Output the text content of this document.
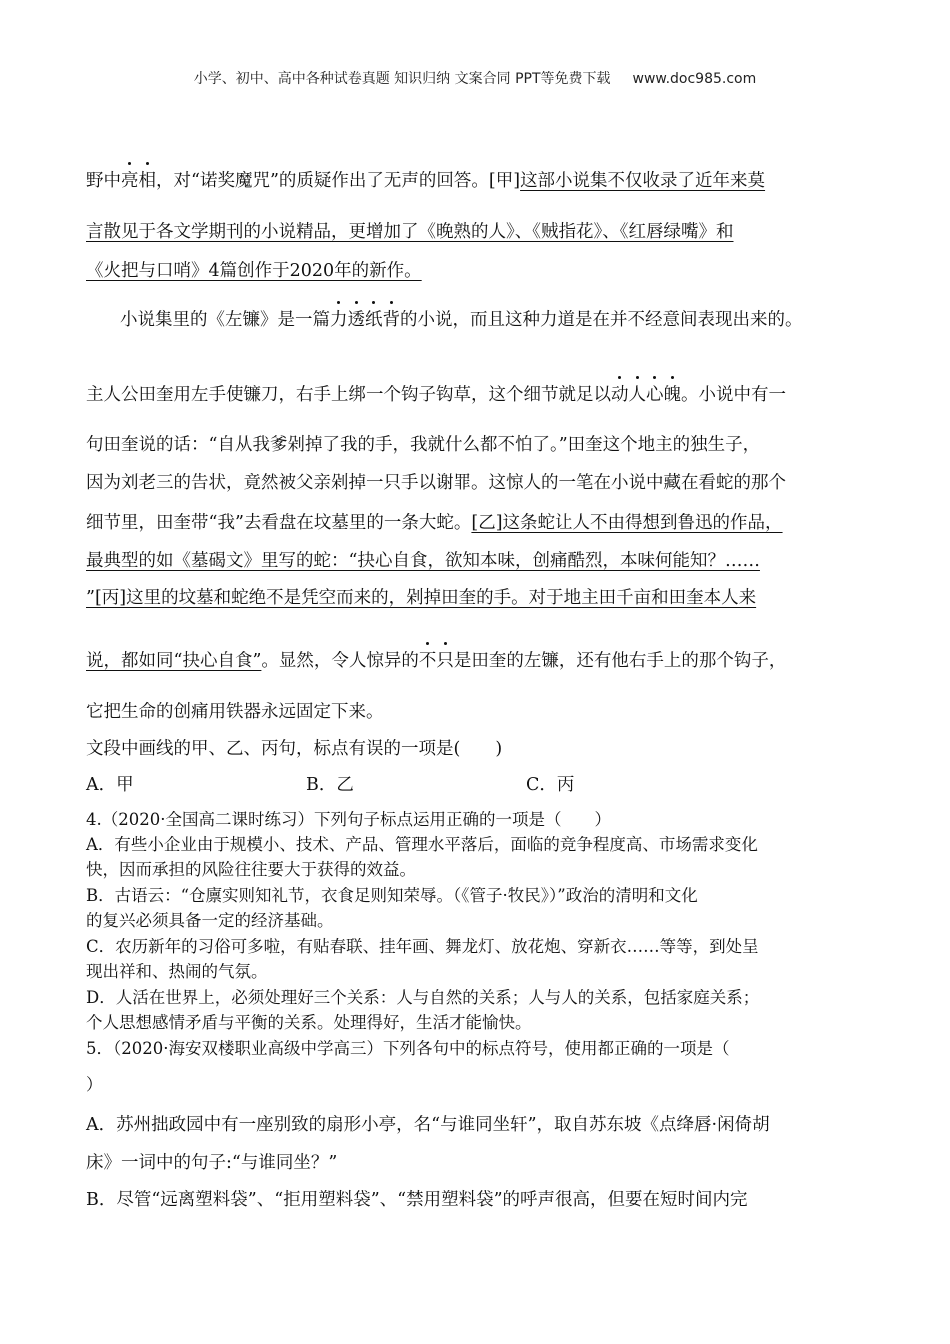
小学、初中、高中各种试卷真题 知识归纳 文案合同 PPT等免费下载 www.doc985.com
野中亮相，对“诺奖魔咒”的质疑作出了无声的回答。[甲]这部小说集不仅收录了近年来莫
言散见于各文学期刊的小说精品，更增加了《晚熟的人》、《贼指花》、《红唇绿嘴》和
《火把与口哨》4篇创作于2020年的新作。
小说集里的《左镰》是一篇力透纸背的小说，而且这种力道是在并不经意间表现出来的。
主人公田奎用左手使镰刀，右手上绑一个钩子钩草，这个细节就足以动人心魄。小说中有一
句田奎说的话：“自从我爹剁掉了我的手，我就什么都不怕了。”田奎这个地主的独生子，
因为刘老三的告状，竟然被父亲剁掉一只手以谢罪。这惊人的一笔在小说中藏在看蛇的那个
细节里，田奎带“我”去看盘在坟墓里的一条大蛇。[乙]这条蛇让人不由得想到鲁迅的作品，
最典型的如《墓碣文》里写的蛇：“抉心自食，欲知本味，创痛酷烈，本味何能知？……
”[丙]这里的坟墓和蛇绝不是凭空而来的，剁掉田奎的手。对于地主田千亩和田奎本人来
说，都如同“抉心自食”。显然，令人惊异的不只是田奎的左镰，还有他右手上的那个钩子，
它把生命的创痛用铁器永远固定下来。
文段中画线的甲、乙、丙句，标点有误的一项是(　　)
A．甲	B．乙	C．丙
4.（2020·全国高二课时练习）下列句子标点运用正确的一项是（　　）
A．有些小企业由于规模小、技术、产品、管理水平落后，面临的竞争程度高、市场需求变化
快，因而承担的风险往往要大于获得的效益。
B．古语云：“仓廪实则知礼节，衣食足则知荣辱。（《管子·牧民》）”政治的清明和文化
的复兴必须具备一定的经济基础。
C．农历新年的习俗可多啦，有贴春联、挂年画、舞龙灯、放花炮、穿新衣……等等，到处呈
现出祥和、热闹的气氛。
D．人活在世界上，必须处理好三个关系：人与自然的关系；人与人的关系，包括家庭关系；
个人思想感情矛盾与平衡的关系。处理得好，生活才能愉快。
5．（2020·海安双楼职业高级中学高三）下列各句中的标点符号，使用都正确的一项是（
）
A．苏州拙政园中有一座别致的扇形小亭，名“与谁同坐轩”，取自苏东坡《点绛唇·闲倚胡
床》一词中的句子:“与谁同坐？”
B．尽管“远离塑料袋”、“拒用塑料袋”、“禁用塑料袋”的呼声很高，但要在短时间内完
